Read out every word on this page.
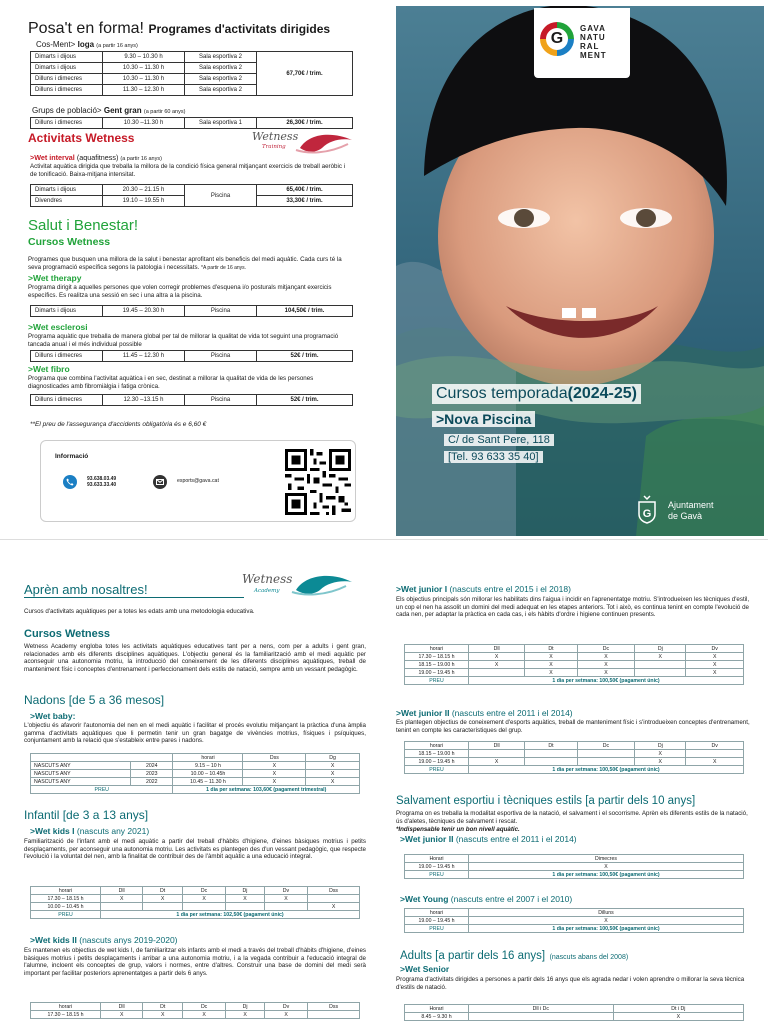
Posa't en forma! Programes d'activitats dirigides
Cos-Ment> Ioga (a partir 16 anys)
Dimarts i dijous	9.30 – 10.30 h	Sala esportiva 2	67,70€ / trim.
Dimarts i dijous	10.30 – 11.30 h	Sala esportiva 2	
Dilluns i dimecres	10.30 – 11.30 h	Sala esportiva 2	
Dilluns i dimecres	11.30 – 12.30 h	Sala esportiva 2	
Grups de població> Gent gran (a partir 60 anys)
Dilluns i dimecres	10.30 –11.30 h	Sala esportiva 1	26,30€ / trim.
Activitats Wetness	Wetness
Training
>Wet interval (aquafitness) (a partir 16 anys)
Activitat aquàtica dirigida que treballa la millora de la condició física general mitjançant exercicis de treball aeròbic i de tonificació. Baixa-mitjana intensitat.
Dimarts i dijous	20.30 – 21.15 h	Piscina	65,40€ / trim.
Divendres	19.10 – 19.55 h		33,30€ / trim.
Salut i Benestar!
Cursos Wetness
Programes que busquen una millora de la salut i benestar aprofitant els beneficis del medi aquàtic. Cada curs té la seva programació específica segons la patologia i necessitats. *A partir de 16 anys.
>Wet therapy
Programa dirigit a aquelles persones que volen corregir problemes d'esquena i/o posturals mitjançant exercicis específics. Es realitza una sessió en sec i una altra a la piscina.
Dimarts i dijous	19.45 – 20.30 h	Piscina	104,50€ / trim.
>Wet esclerosi
Programa aquàtic que treballa de manera global per tal de millorar la qualitat de vida tot seguint una programació tancada anual i el més individual possible
Dilluns i dimecres	11.45 – 12.30 h	Piscina	52€ / trim.
>Wet fibro
Programa que combina l'activitat aquàtica i en sec, destinat a millorar la qualitat de vida de les persones diagnosticades amb fibromiàlgia i fatiga crònica.
Dilluns i dimecres	12.30 –13.15 h	Piscina	52€ / trim.
**El preu de l'assegurança d'accidents obligatòria és e 6,60 €
Informació
93.638.03.49
93.633.33.40
esports@gava.cat
G
GAVA
NATU
RAL
MENT
Cursos temporada(2024-25)
>Nova Piscina
C/ de Sant Pere, 118
[Tel. 93 633 35 40]
G
Ajuntament
de Gavà
Aprèn amb nosaltres!
Wetness
Academy
Cursos d'activitats aquàtiques per a totes les edats amb una metodologia educativa.
Cursos Wetness
Wetness Academy engloba totes les activitats aquàtiques educatives tant per a nens, com per a adults i gent gran, relacionades amb els diferents disciplines aquàtiques. L'objectiu general és la familiarització amb el medi aquàtic per aconseguir una autonomia motriu, la introducció del coneixement de les diferents disciplines aquàtiques, treball de manteniment físic i conceptes d'entrenament i perfeccionament dels estils de natació, sempre amb un vessant pedagògic.
Nadons [de 5 a 36 mesos]
>Wet baby:
L'objectiu és afavorir l'autonomia del nen en el medi aquàtic i facilitar el procés evolutiu mitjançant la pràctica d'una àmplia gamma d'activitats aquàtiques que li permetin tenir un gran bagatge de vivències motrius, físiques i psíquiques, conjuntament amb la relació que s'estableix entre pares i nadons.
		horari	Dss	Dg
NASCUTS ANY	2024	9.15 – 10 h	X	X
NASCUTS ANY	2023	10.00 – 10.45h	X	X
NASCUTS ANY	2022	10.45 – 11.30 h	X	X
PREU		1 dia per setmana: 103,60€ (pagament trimestral)		
Infantil [de 3 a 13 anys]
>Wet kids I (nascuts any 2021)
Familiarització de l'infant amb el medi aquàtic a partir del treball d'hàbits d'higiene, d'eines bàsiques motrius i petits desplaçaments, per aconseguir una autonomia motriu. Les activitats es plantegen des d'un vessant pedagògic, que respecte l'evolució i la voluntat del nen, amb la finalitat de contribuir des de l'àmbit aquàtic a una educació integral.
horari	Dll	Dt	Dc	Dj	Dv	Dss
17.30 – 18.15 h	X	X	X	X	X	
10.00 – 10.45 h						X
PREU	1 dia per setmana: 102,50€ (pagament únic)					
>Wet kids II (nascuts anys 2019-2020)
Es mantenen els objectius de wet kids I, de familiaritzar els infants amb el medi a través del treball d'hàbits d'higiene, d'eines bàsiques motrius i petits desplaçaments i arribar a una autonomia motriu, i a la vegada contribuir a l'educació integral de l'alumne, incloent els conceptes de grup, valors i normes, entre d'altres. Construir una base de domini del medi serà important per facilitar posteriors aprenentatges a partir dels 6 anys.
horari	Dll	Dt	Dc	Dj	Dv	Dss
17.30 – 18.15 h	X	X	X	X	X	
>Wet junior I (nascuts entre el 2015 i el 2018)
Els objectius principals són millorar les habilitats dins l'aigua i incidir en l'aprenentatge motriu. S'introdueixen les tècniques d'estil, un cop el nen ha assolit un domini del medi adequat en les etapes anteriors. Tot i això, es continua tenint en compte l'evolució de cada nen, per adaptar la pràctica en cada cas, i els hàbits d'ordre i higiene continuen presents.
horari	Dll	Dt	Dc	Dj	Dv
17.30 – 18.15 h	X	X	X	X	X
18.15 – 19.00 h	X	X	X		X
19.00 – 19.45 h		X	X		X
PREU	1 dia per setmana: 100,50€ (pagament únic)				
>Wet junior II (nascuts entre el 2011 i el 2014)
Es plantegen objectius de coneixement d'esports aquàtics, treball de manteniment físic i s'introdueixen conceptes d'entrenament, tenint en compte les característiques del grup.
horari	Dll	Dt	Dc	Dj	Dv
18.15 – 19.00 h				X	
19.00 – 19.45 h	X			X	X
PREU	1 dia per setmana: 100,50€ (pagament únic)				
Salvament esportiu i tècniques estils [a partir dels 10 anys]
Programa on es treballa la modalitat esportiva de la natació, el salvament i el socorrisme. Aprèn els diferents estils de la natació, ús d'aletes, tècniques de salvament i rescat.
*Indispensable tenir un bon nivell aquàtic.
>Wet junior II (nascuts entre el 2011 i el 2014)
Horari	Dimecres
19.00 – 19.45 h	X
PREU	1 dia per setmana: 100,50€ (pagament únic)
>Wet Young (nascuts entre el 2007 i el 2010)
horari	Dilluns
19.00 – 19.45 h	X
PREU	1 dia per setmana: 100,50€ (pagament únic)
Adults [a partir dels 16 anys] (nascuts abans del 2008)
>Wet Senior
Programa d'activitats dirigides a persones a partir dels 16 anys que els agrada nedar i volen aprendre o millorar la seva tècnica d'estils de natació.
Horari	Dll i Dc	Dt i Dj
8.45 – 9.30 h		X
